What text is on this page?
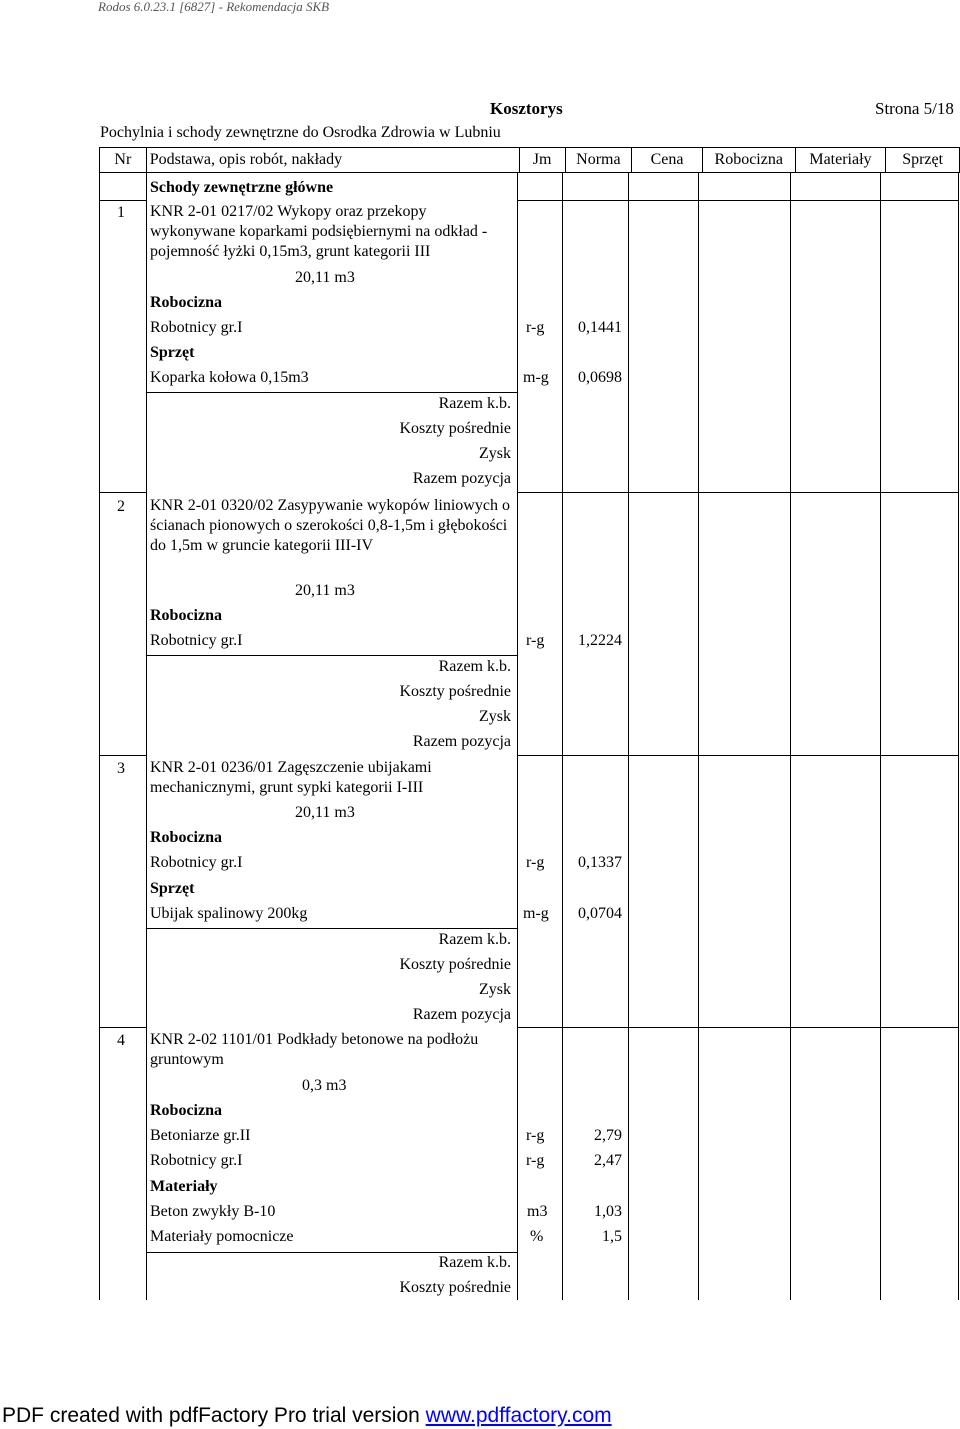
Rodos 6.0.23.1 [6827] - Rekomendacja SKB
Kosztorys	Strona 5/18
Pochylnia i schody zewnętrzne do Osrodka Zdrowia w Lubniu
Nr	Podstawa, opis robót, nakłady	Jm	Norma	Cena	Robocizna	Materiały	Sprzęt
Schody zewnętrzne główne
1 KNR 2-01 0217/02 Wykopy oraz przekopy wykonywane koparkami podsiębiernymi na odkład - pojemność łyżki 0,15m3, grunt kategorii III
20,11 m3
Robocizna
Robotnicy gr.I	r-g	0,1441
Sprzęt
Koparka kołowa 0,15m3	m-g	0,0698
Razem k.b.
Koszty pośrednie
Zysk
Razem pozycja
2 KNR 2-01 0320/02 Zasypywanie wykopów liniowych o ścianach pionowych o szerokości 0,8-1,5m i głębokości do 1,5m w gruncie kategorii III-IV
20,11 m3
Robocizna
Robotnicy gr.I	r-g	1,2224
Razem k.b.
Koszty pośrednie
Zysk
Razem pozycja
3 KNR 2-01 0236/01 Zagęszczenie ubijakami mechanicznymi, grunt sypki kategorii I-III
20,11 m3
Robocizna
Robotnicy gr.I	r-g	0,1337
Sprzęt
Ubijak spalinowy 200kg	m-g	0,0704
Razem k.b.
Koszty pośrednie
Zysk
Razem pozycja
4 KNR 2-02 1101/01 Podkłady betonowe na podłożu gruntowym
0,3 m3
Robocizna
Betoniarze gr.II	r-g	2,79
Robotnicy gr.I	r-g	2,47
Materiały
Beton zwykły B-10	m3	1,03
Materiały pomocnicze	%	1,5
Razem k.b.
Koszty pośrednie
PDF created with pdfFactory Pro trial version www.pdffactory.com
